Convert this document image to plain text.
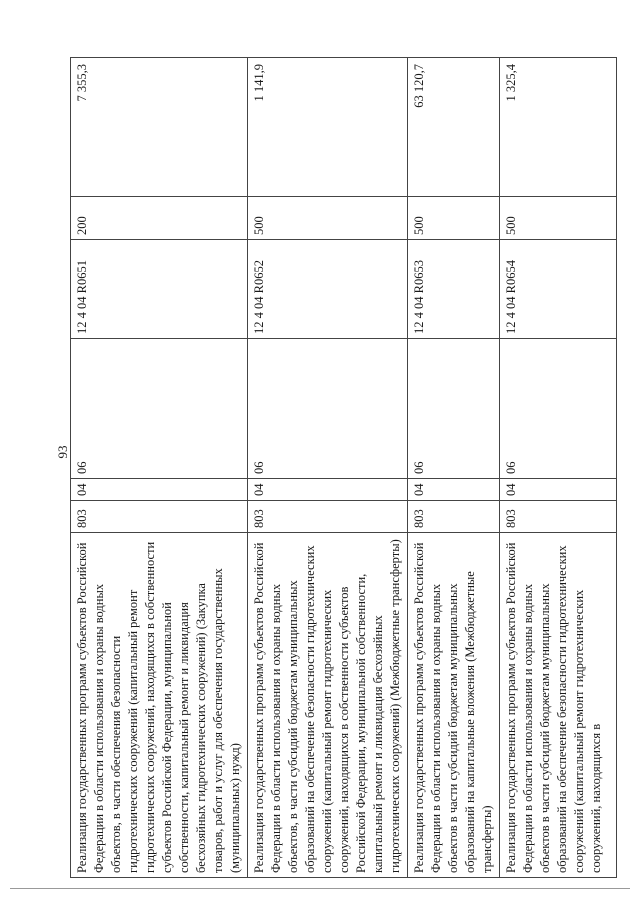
93
Реализация государственных программ субъектов Российской Федерации в области использования и охраны водных объектов, в части обеспечения безопасности гидротехнических сооружений (капитальный ремонт гидротехнических сооружений, находящихся в собственности субъектов Российской Федерации, муниципальной собственности, капитальный ремонт и ликвидация бесхозяйных гидротехнических сооружений) (Закупка товаров, работ и услуг для обеспечения государственных (муниципальных) нужд)	803	04	06	12 4 04 R0651	200	7 355,3
Реализация государственных программ субъектов Российской Федерации в области использования и охраны водных объектов, в части субсидий бюджетам муниципальных образований на обеспечение безопасности гидротехнических сооружений (капитальный ремонт гидротехнических сооружений, находящихся в собственности субъектов Российской Федерации, муниципальной собственности, капитальный ремонт и ликвидация бесхозяйных гидротехнических сооружений) (Межбюджетные трансферты)	803	04	06	12 4 04 R0652	500	1 141,9
Реализация государственных программ субъектов Российской Федерации в области использования и охраны водных объектов в части субсидий бюджетам муниципальных образований на капитальные вложения (Межбюджетные трансферты)	803	04	06	12 4 04 R0653	500	63 120,7
Реализация государственных программ субъектов Российской Федерации в области использования и охраны водных объектов в части субсидий бюджетам муниципальных образований на обеспечение безопасности гидротехнических сооружений (капитальный ремонт гидротехнических сооружений, находящихся в	803	04	06	12 4 04 R0654	500	1 325,4
